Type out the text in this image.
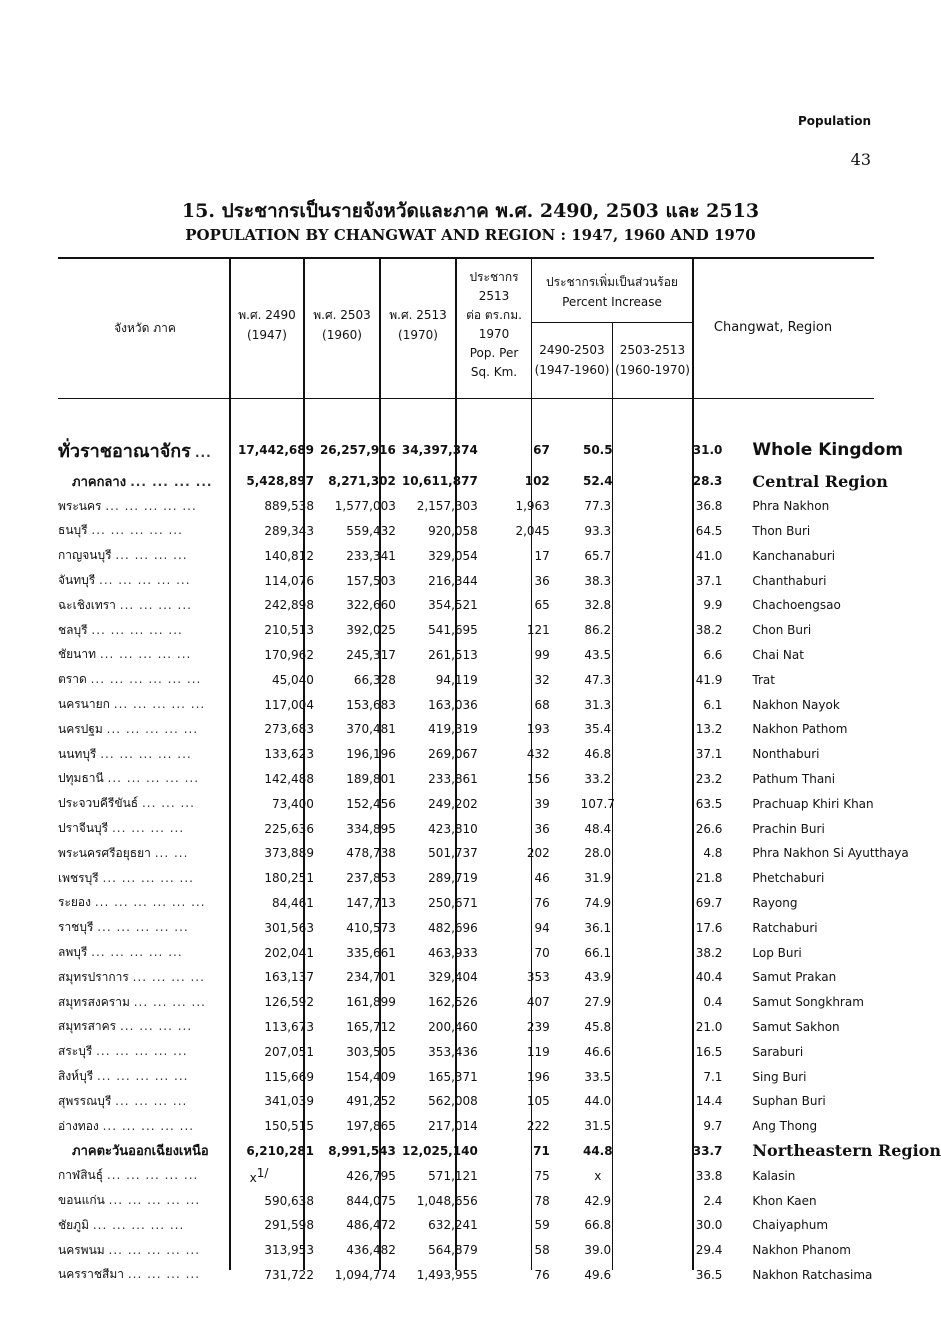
Population
43
15. ประชากรเป็นรายจังหวัดและภาค พ.ศ. 2490, 2503 และ 2513
POPULATION BY CHANGWAT AND REGION : 1947, 1960 AND 1970
จังหวัด ภาค
พ.ศ. 2490
(1947)
พ.ศ. 2503
(1960)
พ.ศ. 2513
(1970)
ประชากร
2513
ต่อ ตร.กม.
1970
Pop. Per
Sq. Km.
ประชากรเพิ่มเป็นส่วนร้อย
Percent Increase
2490-2503
(1947-1960)
2503-2513
(1960-1970)
Changwat, Region
ทั่วราชอาณาจักร ...	17,442,689	26,257,916	34,397,374	67	50.5	31.0	Whole Kingdom
ภาคกลาง ... ... ... ...	5,428,897	8,271,302	10,611,877	102	52.4	28.3	Central Region
พระนคร ... ... ... ... ...	889,538	1,577,003	2,157,303	1,963	77.3	36.8	Phra Nakhon
ธนบุรี ... ... ... ... ...	289,343	559,432	920,058	2,045	93.3	64.5	Thon Buri
กาญจนบุรี ... ... ... ...	140,812	233,341	329,054	17	65.7	41.0	Kanchanaburi
จันทบุรี ... ... ... ... ...	114,076	157,503	216,344	36	38.3	37.1	Chanthaburi
ฉะเชิงเทรา ... ... ... ...	242,898	322,660	354,521	65	32.8	9.9	Chachoengsao
ชลบุรี ... ... ... ... ...	210,513	392,025	541,695	121	86.2	38.2	Chon Buri
ชัยนาท ... ... ... ... ...	170,962	245,317	261,513	99	43.5	6.6	Chai Nat
ตราด ... ... ... ... ... ...	45,040	66,328	94,119	32	47.3	41.9	Trat
นครนายก ... ... ... ... ...	117,004	153,683	163,036	68	31.3	6.1	Nakhon Nayok
นครปฐม ... ... ... ... ...	273,683	370,481	419,319	193	35.4	13.2	Nakhon Pathom
นนทบุรี ... ... ... ... ...	133,623	196,196	269,067	432	46.8	37.1	Nonthaburi
ปทุมธานี ... ... ... ... ...	142,488	189,801	233,861	156	33.2	23.2	Pathum Thani
ประจวบคีรีขันธ์ ... ... ...	73,400	152,456	249,202	39	107.7	63.5	Prachuap Khiri Khan
ปราจีนบุรี ... ... ... ...	225,636	334,895	423,810	36	48.4	26.6	Prachin Buri
พระนครศรีอยุธยา ... ...	373,889	478,738	501,737	202	28.0	4.8	Phra Nakhon Si Ayutthaya
เพชรบุรี ... ... ... ... ...	180,251	237,853	289,719	46	31.9	21.8	Phetchaburi
ระยอง ... ... ... ... ... ...	84,461	147,713	250,671	76	74.9	69.7	Rayong
ราชบุรี ... ... ... ... ...	301,563	410,573	482,696	94	36.1	17.6	Ratchaburi
ลพบุรี ... ... ... ... ...	202,041	335,661	463,933	70	66.1	38.2	Lop Buri
สมุทรปราการ ... ... ... ...	163,137	234,701	329,404	353	43.9	40.4	Samut Prakan
สมุทรสงคราม ... ... ... ...	126,592	161,899	162,526	407	27.9	0.4	Samut Songkhram
สมุทรสาคร ... ... ... ...	113,673	165,712	200,460	239	45.8	21.0	Samut Sakhon
สระบุรี ... ... ... ... ...	207,051	303,505	353,436	119	46.6	16.5	Saraburi
สิงห์บุรี ... ... ... ... ...	115,669	154,409	165,371	196	33.5	7.1	Sing Buri
สุพรรณบุรี ... ... ... ...	341,039	491,252	562,008	105	44.0	14.4	Suphan Buri
อ่างทอง ... ... ... ... ...	150,515	197,865	217,014	222	31.5	9.7	Ang Thong
ภาคตะวันออกเฉียงเหนือ	6,210,281	8,991,543	12,025,140	71	44.8	33.7	Northeastern Region
กาฬสินธุ์ ... ... ... ... ...	$x^{1/}$	426,795	571,121	75	x	33.8	Kalasin
ขอนแก่น ... ... ... ... ...	590,638	844,075	1,048,656	78	42.9	2.4	Khon Kaen
ชัยภูมิ ... ... ... ... ...	291,598	486,472	632,241	59	66.8	30.0	Chaiyaphum
นครพนม ... ... ... ... ...	313,953	436,482	564,879	58	39.0	29.4	Nakhon Phanom
นครราชสีมา ... ... ... ...	731,722	1,094,774	1,493,955	76	49.6	36.5	Nakhon Ratchasima
